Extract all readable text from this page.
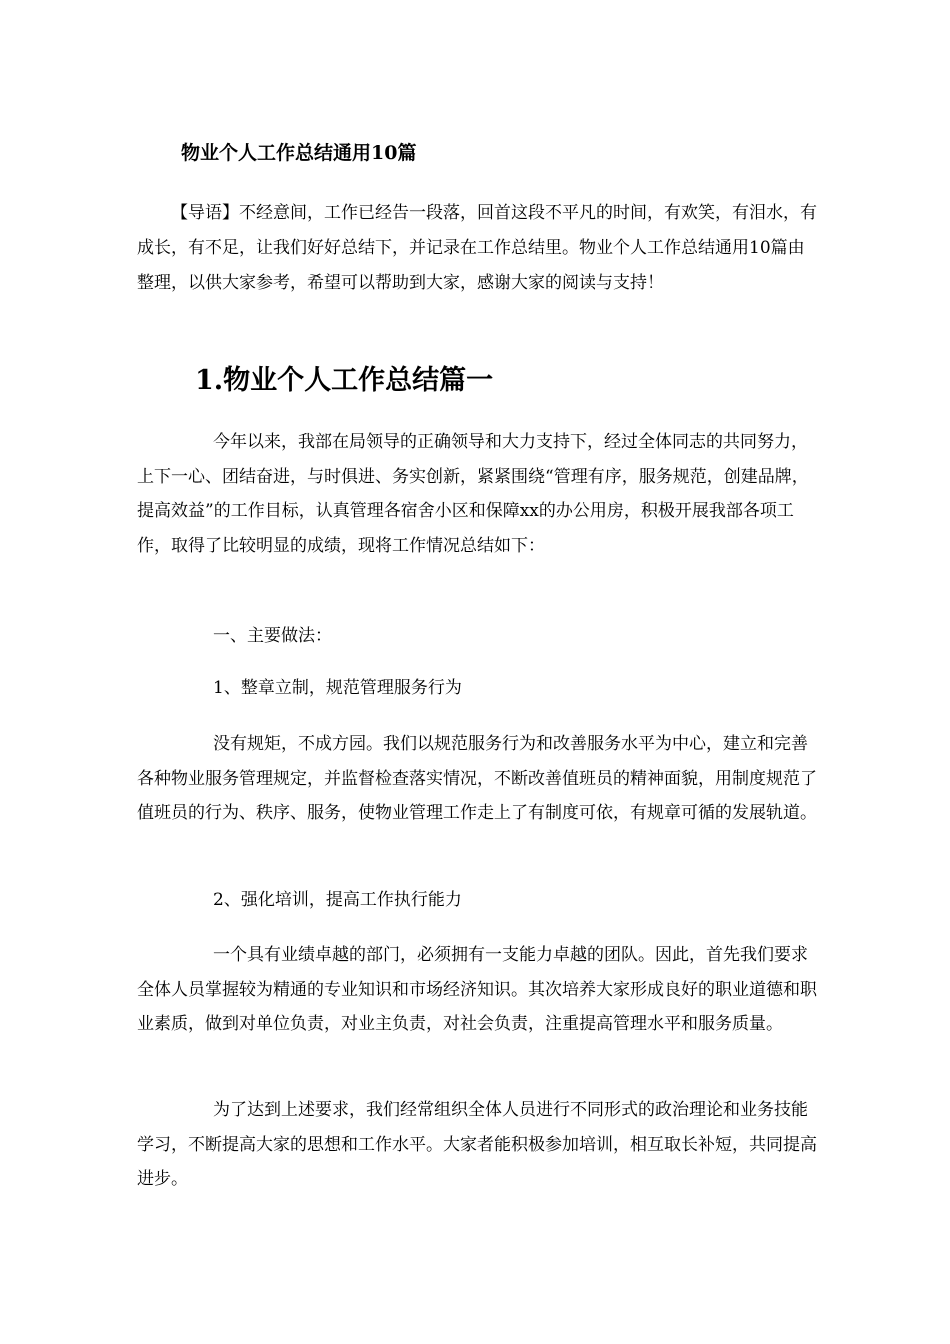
物业个人工作总结通用10篇

【导语】不经意间，工作已经告一段落，回首这段不平凡的时间，有欢笑，有泪水，有成长，有不足，让我们好好总结下，并记录在工作总结里。物业个人工作总结通用10篇由整理，以供大家参考，希望可以帮助到大家，感谢大家的阅读与支持！

1.物业个人工作总结篇一

今年以来，我部在局领导的正确领导和大力支持下，经过全体同志的共同努力，上下一心、团结奋进，与时俱进、务实创新，紧紧围绕“管理有序，服务规范，创建品牌，提高效益”的工作目标，认真管理各宿舍小区和保障xx的办公用房，积极开展我部各项工作，取得了比较明显的成绩，现将工作情况总结如下：

一、主要做法：

1、整章立制，规范管理服务行为

没有规矩，不成方园。我们以规范服务行为和改善服务水平为中心，建立和完善各种物业服务管理规定，并监督检查落实情况，不断改善值班员的精神面貌，用制度规范了值班员的行为、秩序、服务，使物业管理工作走上了有制度可依，有规章可循的发展轨道。

2、强化培训，提高工作执行能力

一个具有业绩卓越的部门，必须拥有一支能力卓越的团队。因此，首先我们要求全体人员掌握较为精通的专业知识和市场经济知识。其次培养大家形成良好的职业道德和职业素质，做到对单位负责，对业主负责，对社会负责，注重提高管理水平和服务质量。

为了达到上述要求，我们经常组织全体人员进行不同形式的政治理论和业务技能学习，不断提高大家的思想和工作水平。大家者能积极参加培训，相互取长补短，共同提高进步。
